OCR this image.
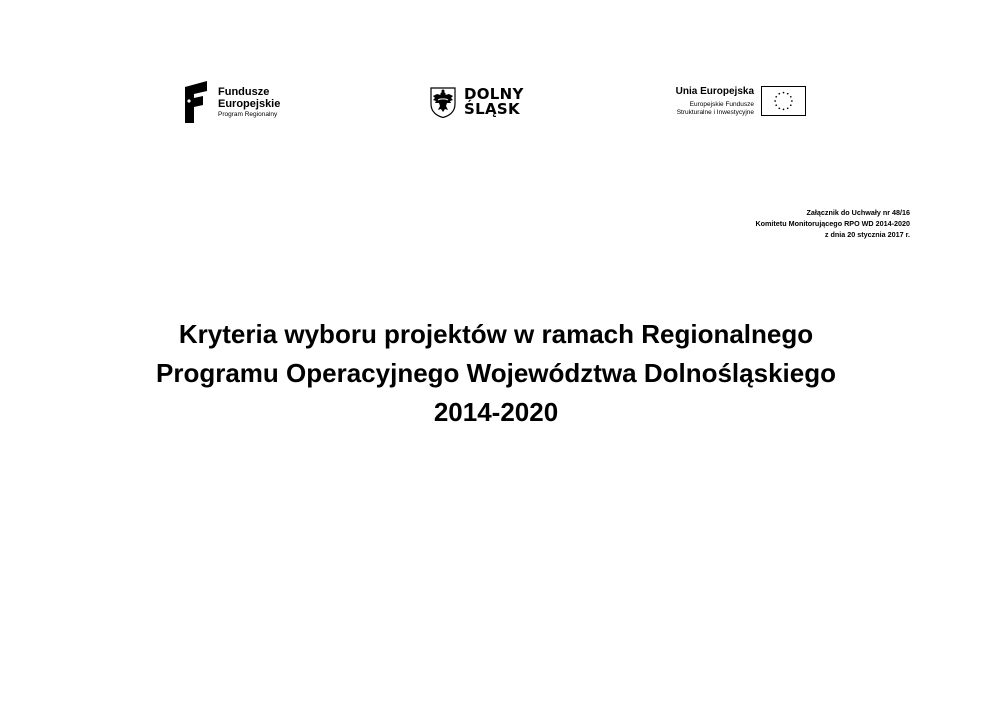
Fundusze
Europejskie
Program Regionalny
DOLNY
ŚLĄSK
Unia Europejska
Europejskie Fundusze
Strukturalne i Inwestycyjne
Załącznik do Uchwały nr 48/16
Komitetu Monitorującego RPO WD 2014-2020
z dnia 20 stycznia 2017 r.
Kryteria wyboru projektów w ramach Regionalnego
Programu Operacyjnego Województwa Dolnośląskiego
2014-2020
